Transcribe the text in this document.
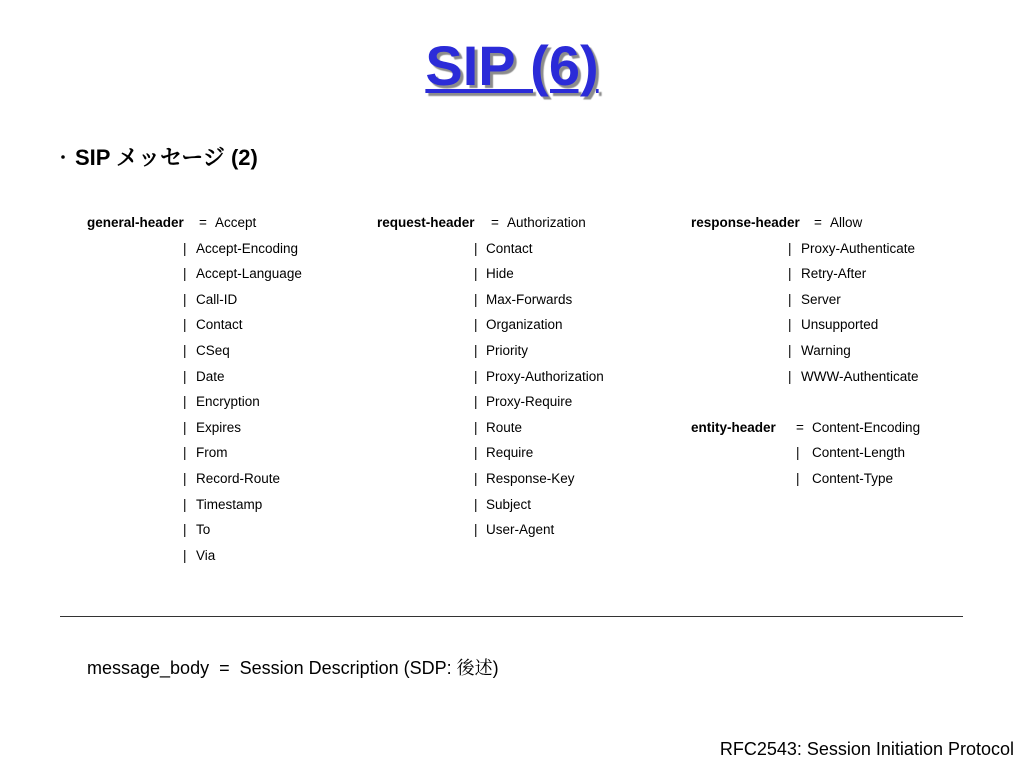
SIP (6)
・ SIP メッセージ (2)
general-header = Accept
| Accept-Encoding
| Accept-Language
| Call-ID
| Contact
| CSeq
| Date
| Encryption
| Expires
| From
| Record-Route
| Timestamp
| To
| Via
request-header = Authorization
| Contact
| Hide
| Max-Forwards
| Organization
| Priority
| Proxy-Authorization
| Proxy-Require
| Route
| Require
| Response-Key
| Subject
| User-Agent
response-header = Allow
| Proxy-Authenticate
| Retry-After
| Server
| Unsupported
| Warning
| WWW-Authenticate
entity-header = Content-Encoding
| Content-Length
| Content-Type
message_body  =  Session Description (SDP: 後述)
RFC2543: Session Initiation Protocol
